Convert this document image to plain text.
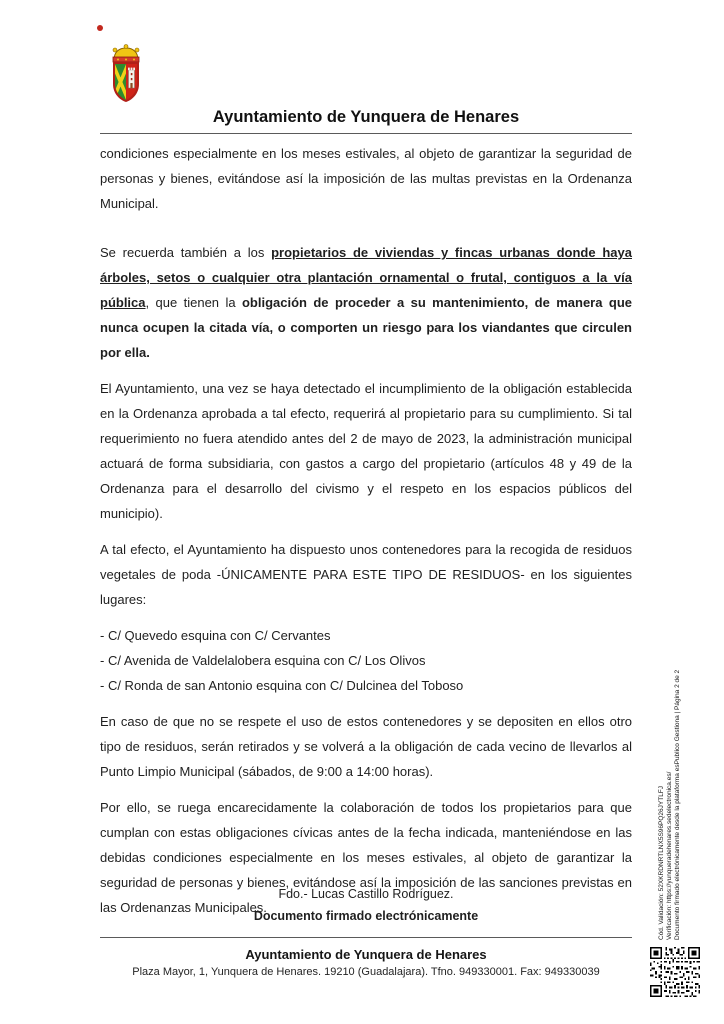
Ayuntamiento de Yunquera de Henares

condiciones especialmente en los meses estivales, al objeto de garantizar la seguridad de personas y bienes, evitándose así la imposición de las multas previstas en la Ordenanza Municipal.

Se recuerda también a los propietarios de viviendas y fincas urbanas donde haya árboles, setos o cualquier otra plantación ornamental o frutal, contiguos a la vía pública, que tienen la obligación de proceder a su mantenimiento, de manera que nunca ocupen la citada vía, o comporten un riesgo para los viandantes que circulen por ella.

El Ayuntamiento, una vez se haya detectado el incumplimiento de la obligación establecida en la Ordenanza aprobada a tal efecto, requerirá al propietario para su cumplimiento. Si tal requerimiento no fuera atendido antes del 2 de mayo de 2023, la administración municipal actuará de forma subsidiaria, con gastos a cargo del propietario (artículos 48 y 49 de la Ordenanza para el desarrollo del civismo y el respeto en los espacios públicos del municipio).

A tal efecto, el Ayuntamiento ha dispuesto unos contenedores para la recogida de residuos vegetales de poda -ÚNICAMENTE PARA ESTE TIPO DE RESIDUOS- en los siguientes lugares:

- C/ Quevedo esquina con C/ Cervantes
- C/ Avenida de Valdelalobera esquina con C/ Los Olivos
- C/ Ronda de san Antonio esquina con C/ Dulcinea del Toboso

En caso de que no se respete el uso de estos contenedores y se depositen en ellos otro tipo de residuos, serán retirados y se volverá a la obligación de cada vecino de llevarlos al Punto Limpio Municipal (sábados, de 9:00 a 14:00 horas).

Por ello, se ruega encarecidamente la colaboración de todos los propietarios para que cumplan con estas obligaciones cívicas antes de la fecha indicada, manteniéndose en las debidas condiciones especialmente en los meses estivales, al objeto de garantizar la seguridad de personas y bienes, evitándose así la imposición de las sanciones previstas en las Ordenanzas Municipales.

Fdo.- Lucas Castillo Rodríguez.
Documento firmado electrónicamente
Ayuntamiento de Yunquera de Henares
Plaza Mayor, 1, Yunquera de Henares. 19210 (Guadalajara). Tfno. 949330001. Fax: 949330039
Cód. Validación: 52XKRDNRTLNX5S96PQ26JYTLFJ Verificación: https://yunqueradehenares.sedelectronica.es/ Documento firmado electrónicamente desde la plataforma esPublico Gestiona | Página 2 de 2
